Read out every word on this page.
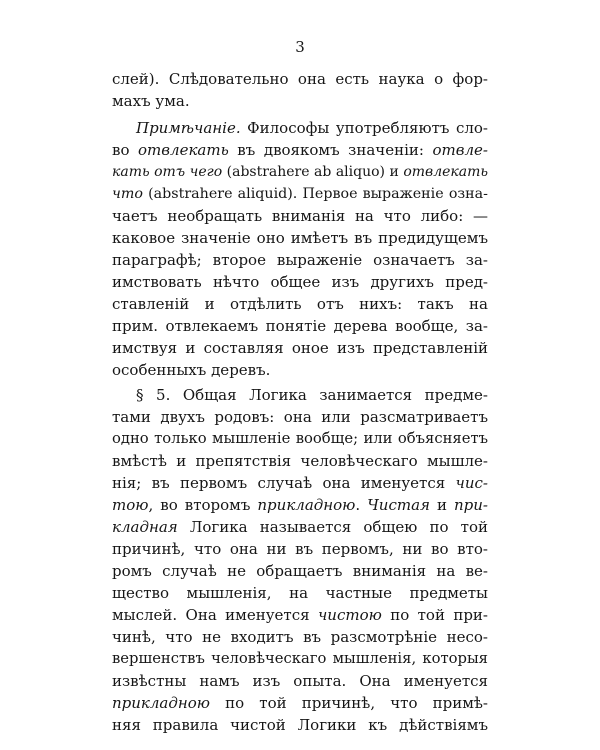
3
слей). Слѣдовательно она есть наука о фор-
махъ ума.
Примѣчаніе. Философы употребляютъ сло-
во отвлекать въ двоякомъ значеніи: отвле-
кать отъ чего (abstrahere ab aliquo) и отвлекать
что (abstrahere aliquid). Первое выраженіе озна-
чаетъ необращать вниманія на что либо: —
каковое значеніе оно имѣетъ въ предидущемъ
параграфѣ; второе выраженіе означаетъ за-
имствовать нѣчто общее изъ другихъ пред-
ставленій и отдѣлить отъ нихъ: такъ на
прим. отвлекаемъ понятіе дерева вообще, за-
имствуя и составляя оное изъ представленій
особенныхъ деревъ.
§ 5. Общая Логика занимается предме-
тами двухъ родовъ: она или разсматриваетъ
одно только мышленіе вообще; или объясняетъ
вмѣстѣ и препятствія человѣческаго мышле-
нія; въ первомъ случаѣ она именуется чис-
тою, во второмъ прикладною. Чистая и при-
кладная Логика называется общею по той
причинѣ, что она ни въ первомъ, ни во вто-
ромъ случаѣ не обращаетъ вниманія на ве-
щество мышленія, на частные предметы
мыслей. Она именуется чистою по той при-
чинѣ, что не входитъ въ разсмотрѣніе несо-
вершенствъ человѣческаго мышленія, которыя
извѣстны намъ изъ опыта. Она именуется
прикладною по той причинѣ, что примѣ-
няя правила чистой Логики къ дѣйствіямъ
